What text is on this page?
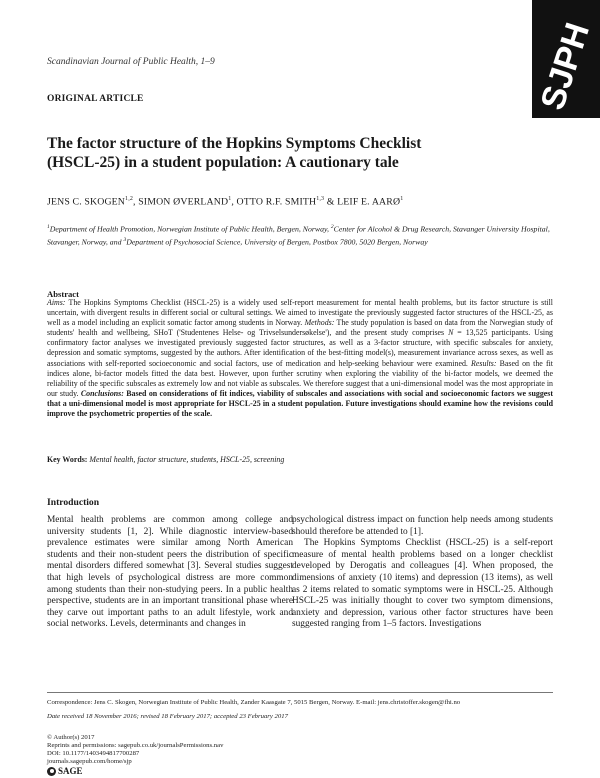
Scandinavian Journal of Public Health, 1–9
ORIGINAL ARTICLE	SJPH
The factor structure of the Hopkins Symptoms Checklist (HSCL-25) in a student population: A cautionary tale
JENS C. SKOGEN$^{1,2}$, SIMON ØVERLAND$^1$, OTTO R.F. SMITH$^{1,3}$ & LEIF E. AARØ$^1$
$^1$Department of Health Promotion, Norwegian Institute of Public Health, Bergen, Norway, $^2$Center for Alcohol & Drug Research, Stavanger University Hospital, Stavanger, Norway, and $^3$Department of Psychosocial Science, University of Bergen, Postbox 7800, 5020 Bergen, Norway
Abstract
Aims: The Hopkins Symptoms Checklist (HSCL-25) is a widely used self-report measurement for mental health problems, but its factor structure is still uncertain, with divergent results in different social or cultural settings. We aimed to investigate the previously suggested factor structures of the HSCL-25, as well as a model including an explicit somatic factor among students in Norway. Methods: The study population is based on data from the Norwegian study of students' health and wellbeing, SHoT ('Studentenes Helse- og Trivselsundersøkelse'), and the present study comprises N = 13,525 participants. Using confirmatory factor analyses we investigated previously suggested factor structures, as well as a 3-factor structure, with specific subscales for anxiety, depression and somatic symptoms, suggested by the authors. After identification of the best-fitting model(s), measurement invariance across sexes, as well as associations with self-reported socioeconomic and social factors, use of medication and help-seeking behaviour were examined. Results: Based on the fit indices alone, bi-factor models fitted the data best. However, upon further scrutiny when exploring the viability of the bi-factor models, we deemed the reliability of the specific subscales as extremely low and not viable as subscales. We therefore suggest that a uni-dimensional model was the most appropriate in our study. Conclusions: Based on considerations of fit indices, viability of subscales and associations with social and socioeconomic factors we suggest that a uni-dimensional model is most appropriate for HSCL-25 in a student population. Future investigations should examine how the revisions could improve the psychometric properties of the scale.
Key Words: Mental health, factor structure, students, HSCL-25, screening
Introduction
Mental health problems are common among college and university students [1, 2]. While diagnostic interview-based prevalence estimates were similar among North American students and their non-student peers the distribution of specific mental disorders differed somewhat [3]. Several studies suggest that high levels of psychological distress are more common among students than their non-studying peers. In a public health perspective, students are in an important transitional phase where they carve out important paths to an adult lifestyle, work and social networks. Levels, determinants and changes in

psychological distress impact on function help needs among students should therefore be attended to [1].

The Hopkins Symptoms Checklist (HSCL-25) is a self-report measure of mental health problems based on a longer checklist developed by Derogatis and colleagues [4]. When proposed, the dimensions of anxiety (10 items) and depression (13 items), as well as 2 items related to somatic symptoms were in HSCL-25. Although HSCL-25 was initially thought to cover two symptom dimensions, anxiety and depression, various other factor structures have been suggested ranging from 1–5 factors. Investigations

Correspondence: Jens C. Skogen, Norwegian Institute of Public Health, Zander Kaasgate 7, 5015 Bergen, Norway. E-mail: jens.christoffer.skogen@fhi.no
Date received 18 November 2016; revised 18 February 2017; accepted 23 February 2017
© Author(s) 2017
Reprints and permissions: sagepub.co.uk/journalsPermissions.nav
DOI: 10.1177/1403494817700287
journals.sagepub.com/home/sjp
SAGE
